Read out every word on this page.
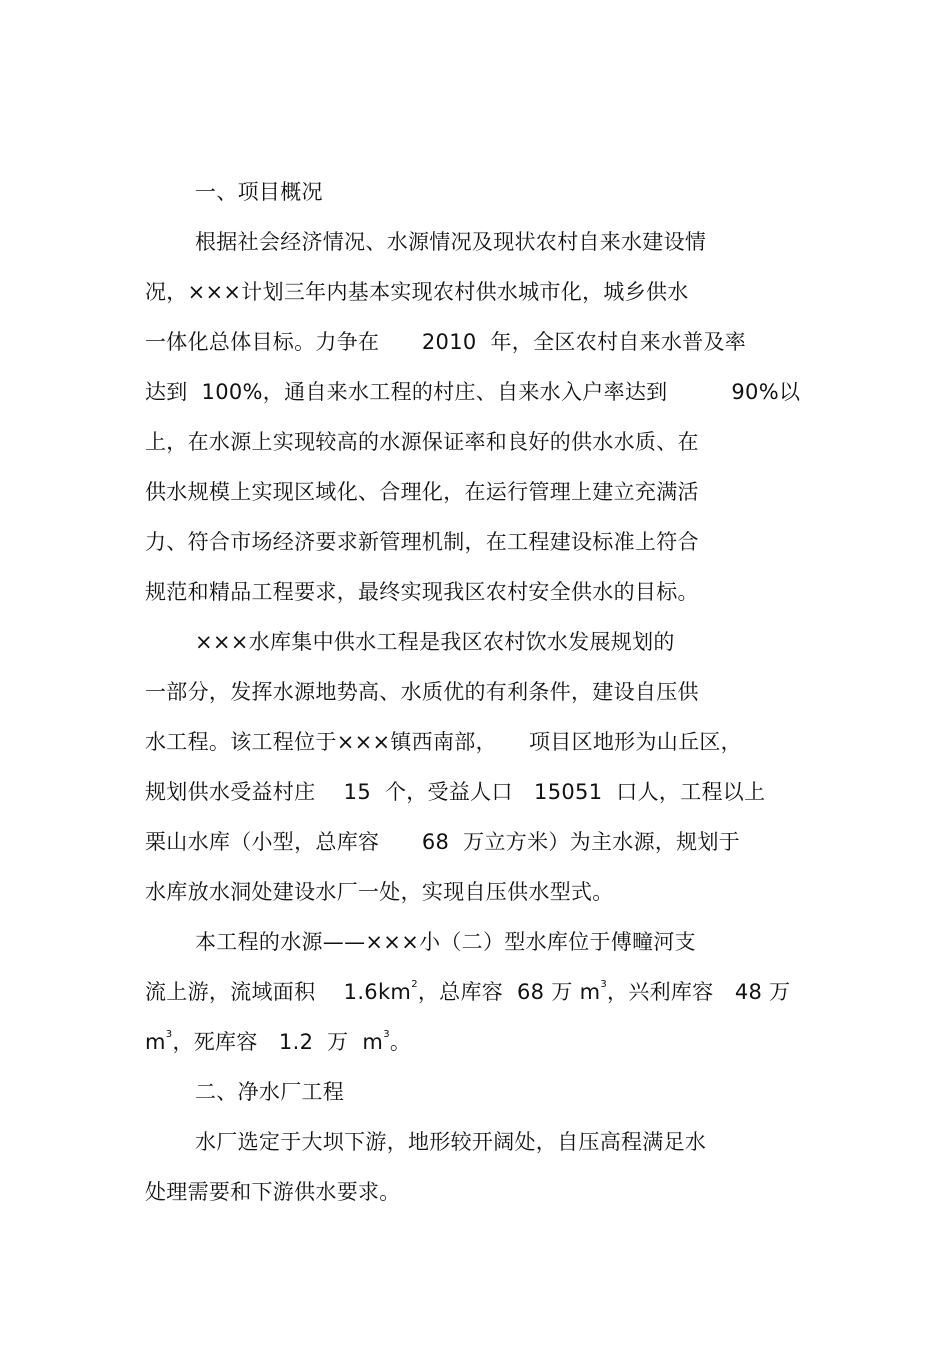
一、项目概况
根据社会经济情况、水源情况及现状农村自来水建设情
况，×××计划三年内基本实现农村供水城市化，城乡供水
一体化总体目标。力争在　　2010  年，全区农村自来水普及率
达到  100%，通自来水工程的村庄、自来水入户率达到　　　90%以
上，在水源上实现较高的水源保证率和良好的供水水质、在
供水规模上实现区域化、合理化，在运行管理上建立充满活
力、符合市场经济要求新管理机制，在工程建设标准上符合
规范和精品工程要求，最终实现我区农村安全供水的目标。
×××水库集中供水工程是我区农村饮水发展规划的
一部分，发挥水源地势高、水质优的有利条件，建设自压供
水工程。该工程位于×××镇西南部，　　项目区地形为山丘区，
规划供水受益村庄　 15  个，受益人口　15051  口人，工程以上
栗山水库（小型，总库容　　68  万立方米）为主水源，规划于
水库放水洞处建设水厂一处，实现自压供水型式。
本工程的水源——×××小（二）型水库位于傅疃河支
流上游，流域面积　 $1.6km^2$，总库容  68 万 $m^3$，兴利库容　48 万
$m^3$，死库容　1.2  万  $m^3$。
二、净水厂工程
水厂选定于大坝下游，地形较开阔处，自压高程满足水
处理需要和下游供水要求。
